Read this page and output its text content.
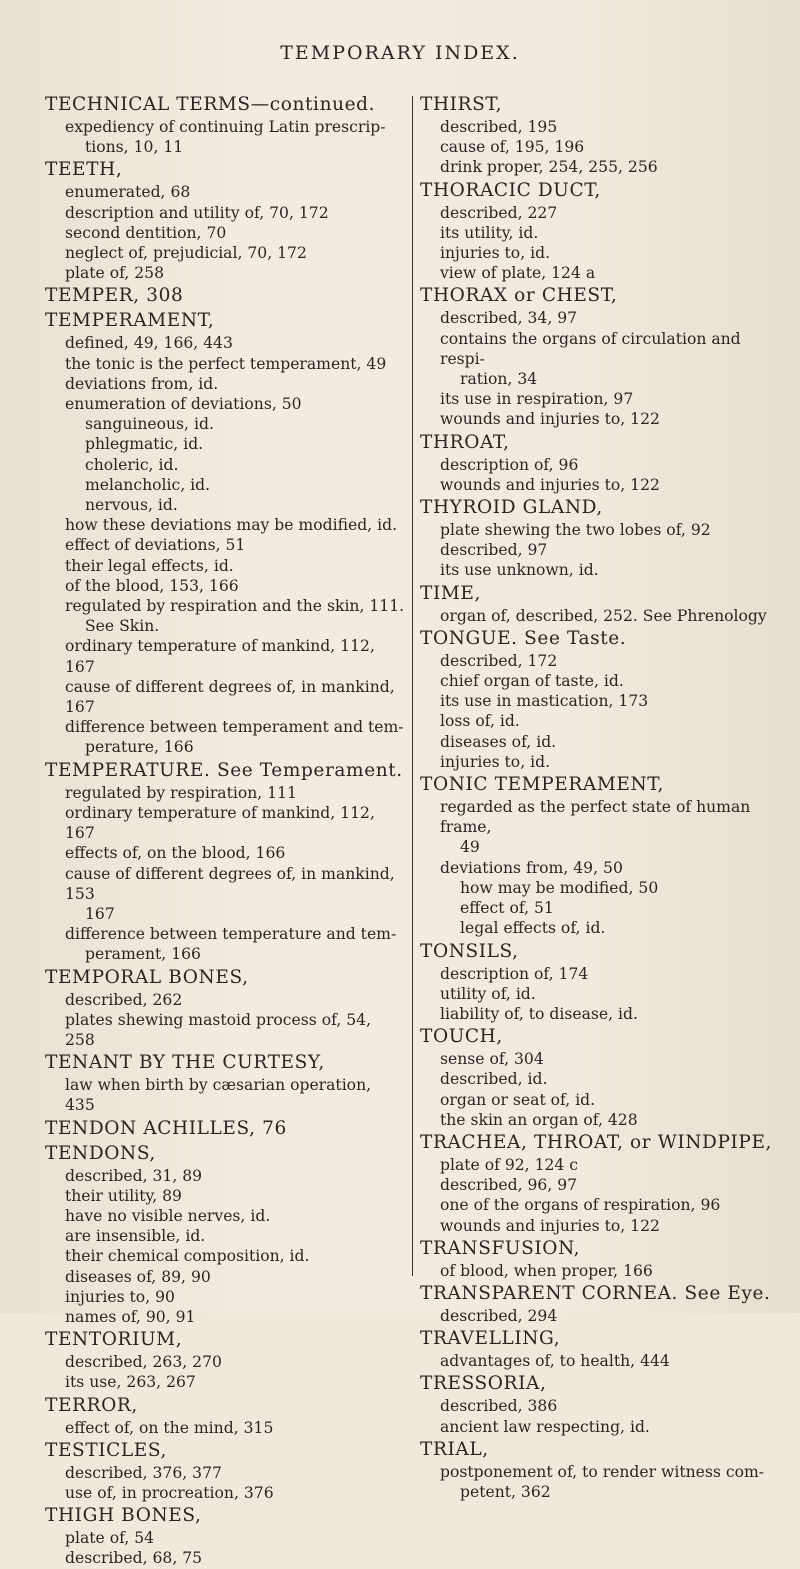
TEMPORARY INDEX.

TECHNICAL TERMS—continued.

expediency of continuing Latin prescrip-

tions, 10, 11

TEETH,

enumerated, 68

description and utility of, 70, 172

second dentition, 70

neglect of, prejudicial, 70, 172

plate of, 258

TEMPER, 308

TEMPERAMENT,

defined, 49, 166, 443

the tonic is the perfect temperament, 49

deviations from, id.

enumeration of deviations, 50

sanguineous, id.

phlegmatic, id.

choleric, id.

melancholic, id.

nervous, id.

how these deviations may be modified, id.

effect of deviations, 51

their legal effects, id.

of the blood, 153, 166

regulated by respiration and the skin, 111.

See Skin.

ordinary temperature of mankind, 112, 167

cause of different degrees of, in mankind, 167

difference between temperament and tem-

perature, 166

TEMPERATURE. See Temperament.

regulated by respiration, 111

ordinary temperature of mankind, 112, 167

effects of, on the blood, 166

cause of different degrees of, in mankind, 153

167

difference between temperature and tem-

perament, 166

TEMPORAL BONES,

described, 262

plates shewing mastoid process of, 54, 258

TENANT BY THE CURTESY,

law when birth by cæsarian operation, 435

TENDON ACHILLES, 76

TENDONS,

described, 31, 89

their utility, 89

have no visible nerves, id.

are insensible, id.

their chemical composition, id.

diseases of, 89, 90

injuries to, 90

names of, 90, 91

TENTORIUM,

described, 263, 270

its use, 263, 267

TERROR,

effect of, on the mind, 315

TESTICLES,

described, 376, 377

use of, in procreation, 376

THIGH BONES,

plate of, 54

described, 68, 75

THIRST,

described, 195

cause of, 195, 196

drink proper, 254, 255, 256

THORACIC DUCT,

described, 227

its utility, id.

injuries to, id.

view of plate, 124 a

THORAX or CHEST,

described, 34, 97

contains the organs of circulation and respi-

ration, 34

its use in respiration, 97

wounds and injuries to, 122

THROAT,

description of, 96

wounds and injuries to, 122

THYROID GLAND,

plate shewing the two lobes of, 92

described, 97

its use unknown, id.

TIME,

organ of, described, 252. See Phrenology

TONGUE. See Taste.

described, 172

chief organ of taste, id.

its use in mastication, 173

loss of, id.

diseases of, id.

injuries to, id.

TONIC TEMPERAMENT,

regarded as the perfect state of human frame,

49

deviations from, 49, 50

how may be modified, 50

effect of, 51

legal effects of, id.

TONSILS,

description of, 174

utility of, id.

liability of, to disease, id.

TOUCH,

sense of, 304

described, id.

organ or seat of, id.

the skin an organ of, 428

TRACHEA, THROAT, or WINDPIPE,

plate of 92, 124 c

described, 96, 97

one of the organs of respiration, 96

wounds and injuries to, 122

TRANSFUSION,

of blood, when proper, 166

TRANSPARENT CORNEA. See Eye.

described, 294

TRAVELLING,

advantages of, to health, 444

TRESSORIA,

described, 386

ancient law respecting, id.

TRIAL,

postponement of, to render witness com-

petent, 362
